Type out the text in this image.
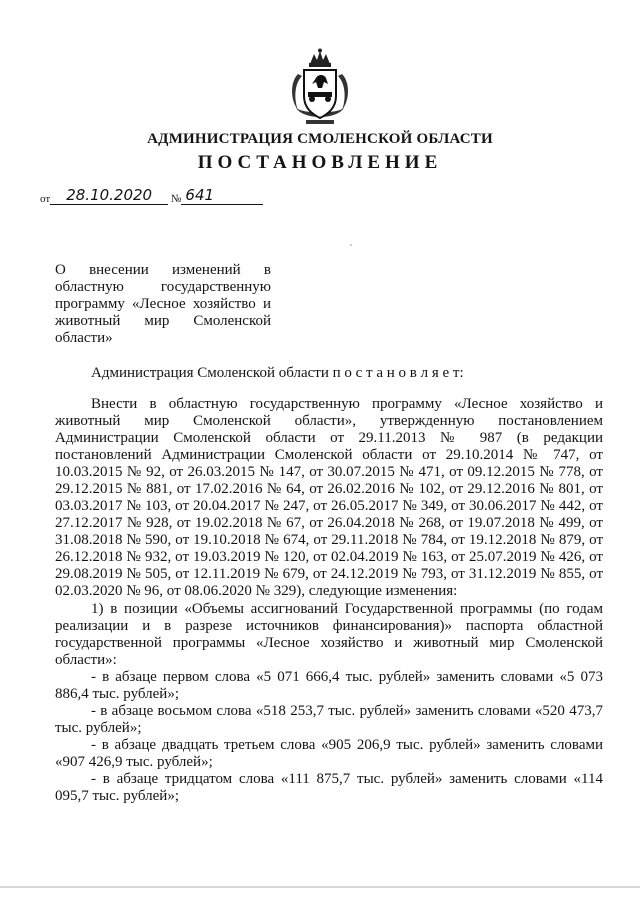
АДМИНИСТРАЦИЯ СМОЛЕНСКОЙ ОБЛАСТИ
ПОСТАНОВЛЕНИЕ
от 28.10.2020 № 641
О внесении изменений в областную государственную программу «Лесное хозяйство и животный мир Смоленской области»
Администрация Смоленской области п о с т а н о в л я е т:

Внести в областную государственную программу «Лесное хозяйство и животный мир Смоленской области», утвержденную постановлением Администрации Смоленской области от 29.11.2013 № 987 (в редакции постановлений Администрации Смоленской области от 29.10.2014 № 747, от 10.03.2015 № 92, от 26.03.2015 № 147, от 30.07.2015 № 471, от 09.12.2015 № 778, от 29.12.2015 № 881, от 17.02.2016 № 64, от 26.02.2016 № 102, от 29.12.2016 № 801, от 03.03.2017 № 103, от 20.04.2017 № 247, от 26.05.2017 № 349, от 30.06.2017 № 442, от 27.12.2017 № 928, от 19.02.2018 № 67, от 26.04.2018 № 268, от 19.07.2018 № 499, от 31.08.2018 № 590, от 19.10.2018 № 674, от 29.11.2018 № 784, от 19.12.2018 № 879, от 26.12.2018 № 932, от 19.03.2019 № 120, от 02.04.2019 № 163, от 25.07.2019 № 426, от 29.08.2019 № 505, от 12.11.2019 № 679, от 24.12.2019 № 793, от 31.12.2019 № 855, от 02.03.2020 № 96, от 08.06.2020 № 329), следующие изменения:

1) в позиции «Объемы ассигнований Государственной программы (по годам реализации и в разрезе источников финансирования)» паспорта областной государственной программы «Лесное хозяйство и животный мир Смоленской области»:

- в абзаце первом слова «5 071 666,4 тыс. рублей» заменить словами «5 073 886,4 тыс. рублей»;

- в абзаце восьмом слова «518 253,7 тыс. рублей» заменить словами «520 473,7 тыс. рублей»;

- в абзаце двадцать третьем слова «905 206,9 тыс. рублей» заменить словами «907 426,9 тыс. рублей»;

- в абзаце тридцатом слова «111 875,7 тыс. рублей» заменить словами «114 095,7 тыс. рублей»;
